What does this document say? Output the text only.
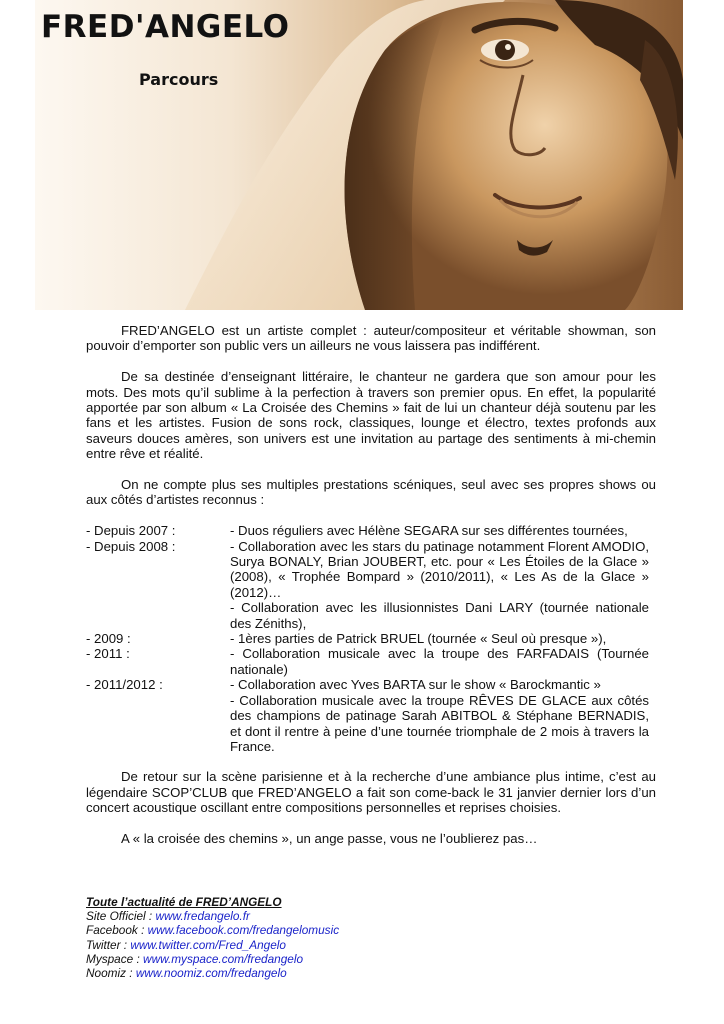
FRED'ANGELO
Parcours

FRED’ANGELO est un artiste complet : auteur/compositeur et véritable showman, son pouvoir d’emporter son public vers un ailleurs ne vous laissera pas indifférent.

De sa destinée d’enseignant littéraire, le chanteur ne gardera que son amour pour les mots. Des mots qu’il sublime à la perfection à travers son premier opus. En effet, la popularité apportée par son album « La Croisée des Chemins » fait de lui un chanteur déjà soutenu par les fans et les artistes. Fusion de sons rock, classiques, lounge et électro, textes profonds aux saveurs douces amères, son univers est une invitation au partage des sentiments à mi-chemin entre rêve et réalité.

On ne compte plus ses multiples prestations scéniques, seul avec ses propres shows ou aux côtés d’artistes reconnus :

- Depuis 2007 :	- Duos réguliers avec Hélène SEGARA sur ses différentes tournées,

- Depuis 2008 :	- Collaboration avec les stars du patinage notamment Florent AMODIO, Surya BONALY, Brian JOUBERT, etc. pour « Les Étoiles de la Glace » (2008), « Trophée Bompard » (2010/2011), « Les As de la Glace » (2012)…
- Collaboration avec les illusionnistes Dani LARY (tournée nationale des Zéniths),

- 2009 :	- 1ères parties de Patrick BRUEL (tournée « Seul où presque »),

- 2011 :	- Collaboration musicale avec la troupe des FARFADAIS (Tournée nationale)

- 2011/2012 :	- Collaboration avec Yves BARTA sur le show « Barockmantic »
- Collaboration musicale avec la troupe RÊVES DE GLACE aux côtés des champions de patinage Sarah ABITBOL & Stéphane BERNADIS, et dont il rentre à peine d’une tournée triomphale de 2 mois à travers la France.

De retour sur la scène parisienne et à la recherche d’une ambiance plus intime, c’est au légendaire SCOP’CLUB que FRED’ANGELO a fait son come-back le 31 janvier dernier lors d’un concert acoustique oscillant entre compositions personnelles et reprises choisies.

A « la croisée des chemins », un ange passe, vous ne l’oublierez pas…

Toute l’actualité de FRED’ANGELO
Site Officiel : www.fredangelo.fr
Facebook : www.facebook.com/fredangelomusic
Twitter : www.twitter.com/Fred_Angelo
Myspace : www.myspace.com/fredangelo
Noomiz : www.noomiz.com/fredangelo
